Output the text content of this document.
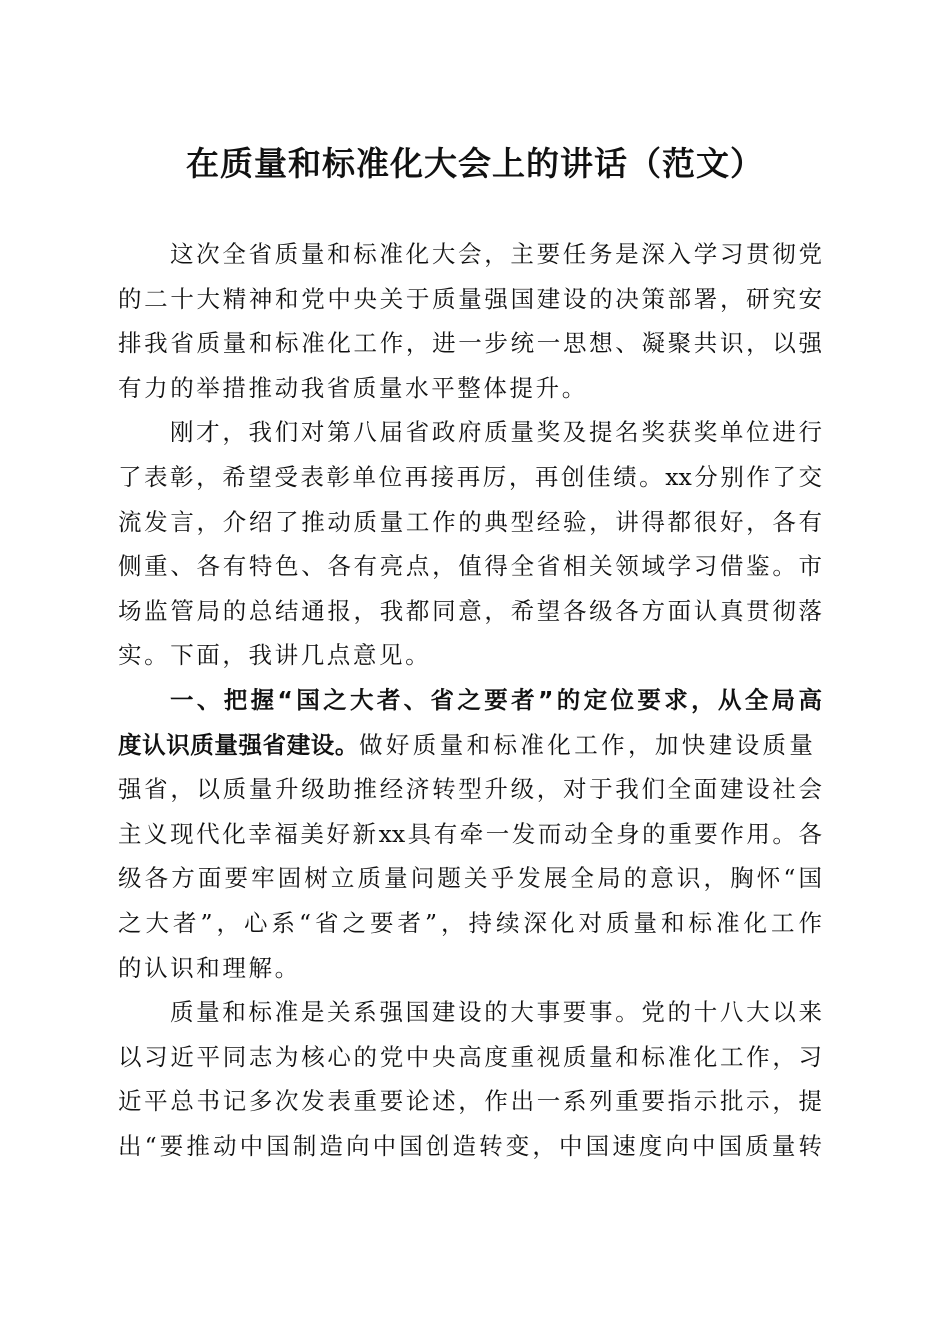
在质量和标准化大会上的讲话（范文）
这次全省质量和标准化大会，主要任务是深入学习贯彻党
的二十大精神和党中央关于质量强国建设的决策部署，研究安
排我省质量和标准化工作，进一步统一思想、凝聚共识，以强
有力的举措推动我省质量水平整体提升。
刚才，我们对第八届省政府质量奖及提名奖获奖单位进行
了表彰，希望受表彰单位再接再厉，再创佳绩。xx分别作了交
流发言，介绍了推动质量工作的典型经验，讲得都很好，各有
侧重、各有特色、各有亮点，值得全省相关领域学习借鉴。市
场监管局的总结通报，我都同意，希望各级各方面认真贯彻落
实。下面，我讲几点意见。
一、把握“国之大者、省之要者”的定位要求，从全局高
度认识质量强省建设。做好质量和标准化工作，加快建设质量
强省，以质量升级助推经济转型升级，对于我们全面建设社会
主义现代化幸福美好新xx具有牵一发而动全身的重要作用。各
级各方面要牢固树立质量问题关乎发展全局的意识，胸怀“国
之大者”，心系“省之要者”，持续深化对质量和标准化工作
的认识和理解。
质量和标准是关系强国建设的大事要事。党的十八大以来
以习近平同志为核心的党中央高度重视质量和标准化工作，习
近平总书记多次发表重要论述，作出一系列重要指示批示，提
出“要推动中国制造向中国创造转变，中国速度向中国质量转
